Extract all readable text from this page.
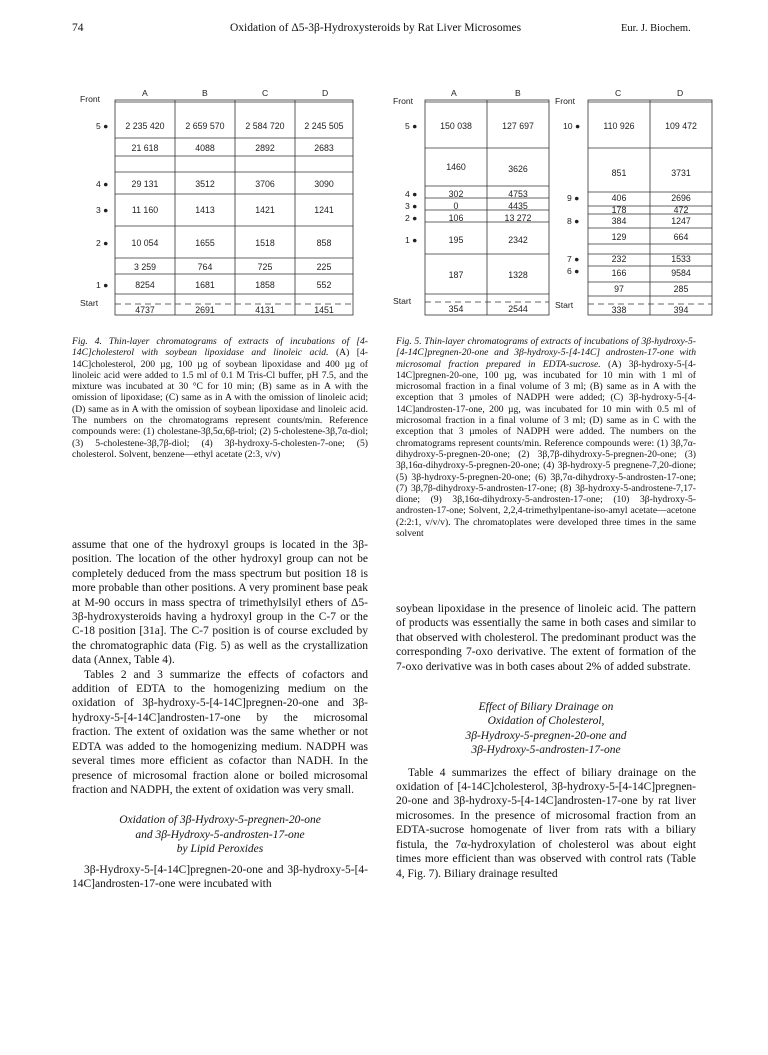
74	Oxidation of Δ5-3β-Hydroxysteroids by Rat Liver Microsomes	Eur. J. Biochem.
Front
Start
A	B	C	D
5 ●
4 ●
3 ●
2 ●
1 ●
2 235 420	2 659 570	2 584 720	2 245 505
21 618	4088	2892	2683
29 131	3512	3706	3090
11 160	1413	1421	1241
10 054	1655	1518	858
3 259	764	725	225
8254	1681	1858	552
4737	2691	4131	1451
Front
Start
Front
Start
A	B	C	D
5 ●
4 ●
3 ●
2 ●
1 ●
10 ●
9 ●
8 ●
7 ●
6 ●
150 038	127 697
1460	3626
302	4753
0	4435
106	13 272
195	2342
187	1328
354	2544
110 926	109 472
851	3731
406	2696
178	472
384	1247
129	664
232	1533
166	9584
97	285
338	394
Fig. 4. Thin-layer chromatograms of extracts of incubations of [4-14C]cholesterol with soybean lipoxidase and linoleic acid. (A) [4-14C]cholesterol, 200 µg, 100 µg of soybean lipoxidase and 400 µg of linoleic acid were added to 1.5 ml of 0.1 M Tris-Cl buffer, pH 7.5, and the mixture was incubated at 30 °C for 10 min; (B) same as in A with the omission of lipoxidase; (C) same as in A with the omission of linoleic acid; (D) same as in A with the omission of soybean lipoxidase and linoleic acid. The numbers on the chromatograms represent counts/min. Reference compounds were: (1) cholestane-3β,5α,6β-triol; (2) 5-cholestene-3β,7α-diol; (3) 5-cholestene-3β,7β-diol; (4) 3β-hydroxy-5-cholesten-7-one; (5) cholesterol. Solvent, benzene—ethyl acetate (2:3, v/v)
Fig. 5. Thin-layer chromatograms of extracts of incubations of 3β-hydroxy-5-[4-14C]pregnen-20-one and 3β-hydroxy-5-[4-14C] androsten-17-one with microsomal fraction prepared in EDTA-sucrose. (A) 3β-hydroxy-5-[4-14C]pregnen-20-one, 100 µg, was incubated for 10 min with 1 ml of microsomal fraction in a final volume of 3 ml; (B) same as in A with the exception that 3 µmoles of NADPH were added; (C) 3β-hydroxy-5-[4-14C]androsten-17-one, 200 µg, was incubated for 10 min with 0.5 ml of microsomal fraction in a final volume of 3 ml; (D) same as in C with the exception that 3 µmoles of NADPH were added. The numbers on the chromatograms represent counts/min. Reference compounds were: (1) 3β,7α-dihydroxy-5-pregnen-20-one; (2) 3β,7β-dihydroxy-5-pregnen-20-one; (3) 3β,16α-dihydroxy-5-pregnen-20-one; (4) 3β-hydroxy-5 pregnene-7,20-dione; (5) 3β-hydroxy-5-pregnen-20-one; (6) 3β,7α-dihydroxy-5-androsten-17-one; (7) 3β,7β-dihydroxy-5-androsten-17-one; (8) 3β-hydroxy-5-androstene-7,17-dione; (9) 3β,16α-dihydroxy-5-androsten-17-one; (10) 3β-hydroxy-5-androsten-17-one; Solvent, 2,2,4-trimethylpentane-iso-amyl acetate—acetone (2:2:1, v/v/v). The chromatoplates were developed three times in the same solvent

assume that one of the hydroxyl groups is located in the 3β-position. The location of the other hydroxyl group can not be completely deduced from the mass spectrum but position 18 is more probable than other positions. A very prominent base peak at M-90 occurs in mass spectra of trimethylsilyl ethers of Δ5-3β-hydroxysteroids having a hydroxyl group in the C-7 or the C-18 position [31a]. The C-7 position is of course excluded by the chromatographic data (Fig. 5) as well as the crystallization data (Annex, Table 4).

Tables 2 and 3 summarize the effects of cofactors and addition of EDTA to the homogenizing medium on the oxidation of 3β-hydroxy-5-[4-14C]pregnen-20-one and 3β-hydroxy-5-[4-14C]androsten-17-one by the microsomal fraction. The extent of oxidation was the same whether or not EDTA was added to the homogenizing medium. NADPH was several times more efficient as cofactor than NADH. In the presence of microsomal fraction alone or boiled microsomal fraction and NADPH, the extent of oxidation was very small.

Oxidation of 3β-Hydroxy-5-pregnen-20-one
and 3β-Hydroxy-5-androsten-17-one
by Lipid Peroxides

3β-Hydroxy-5-[4-14C]pregnen-20-one and 3β-hydroxy-5-[4-14C]androsten-17-one were incubated with

soybean lipoxidase in the presence of linoleic acid. The pattern of products was essentially the same in both cases and similar to that observed with cholesterol. The predominant product was the corresponding 7-oxo derivative. The extent of formation of the 7-oxo derivative was in both cases about 2% of added substrate.

Effect of Biliary Drainage on
Oxidation of Cholesterol,
3β-Hydroxy-5-pregnen-20-one and
3β-Hydroxy-5-androsten-17-one

Table 4 summarizes the effect of biliary drainage on the oxidation of [4-14C]cholesterol, 3β-hydroxy-5-[4-14C]pregnen-20-one and 3β-hydroxy-5-[4-14C]androsten-17-one by rat liver microsomes. In the presence of microsomal fraction from an EDTA-sucrose homogenate of liver from rats with a biliary fistula, the 7α-hydroxylation of cholesterol was about eight times more efficient than was observed with control rats (Table 4, Fig. 7). Biliary drainage resulted
